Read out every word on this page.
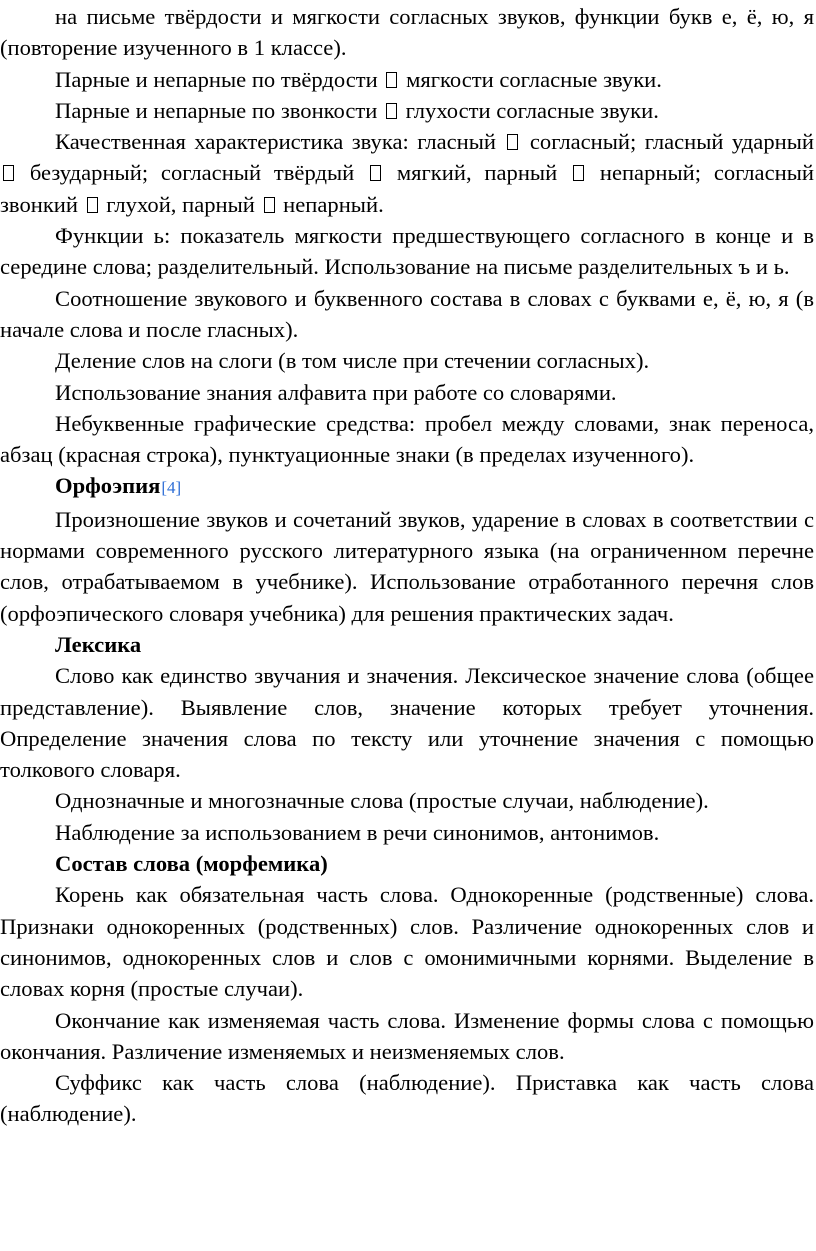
на письме твёрдости и мягкости согласных звуков, функции букв е, ё, ю, я (повторение изученного в 1 классе).

Парные и непарные по твёрдости  мягкости согласные звуки.

Парные и непарные по звонкости  глухости согласные звуки.

Качественная характеристика звука: гласный  согласный; гласный ударный  безударный; согласный твёрдый  мягкий, парный  непарный; согласный звонкий  глухой, парный  непарный.

Функции ь: показатель мягкости предшествующего согласного в конце и в середине слова; разделительный. Использование на письме разделительных ъ и ь.

Соотношение звукового и буквенного состава в словах с буквами е, ё, ю, я (в начале слова и после гласных).

Деление слов на слоги (в том числе при стечении согласных).

Использование знания алфавита при работе со словарями.

Небуквенные графические средства: пробел между словами, знак переноса, абзац (красная строка), пунктуационные знаки (в пределах изученного).

Орфоэпия[4]

Произношение звуков и сочетаний звуков, ударение в словах в соответствии с нормами современного русского литературного языка (на ограниченном перечне слов, отрабатываемом в учебнике). Использование отработанного перечня слов (орфоэпического словаря учебника) для решения практических задач.

Лексика

Слово как единство звучания и значения. Лексическое значение слова (общее представление). Выявление слов, значение которых требует уточнения. Определение значения слова по тексту или уточнение значения с помощью толкового словаря.

Однозначные и многозначные слова (простые случаи, наблюдение).

Наблюдение за использованием в речи синонимов, антонимов.

Состав слова (морфемика)

Корень как обязательная часть слова. Однокоренные (родственные) слова. Признаки однокоренных (родственных) слов. Различение однокоренных слов и синонимов, однокоренных слов и слов с омонимичными корнями. Выделение в словах корня (простые случаи).

Окончание как изменяемая часть слова. Изменение формы слова с помощью окончания. Различение изменяемых и неизменяемых слов.

Суффикс как часть слова (наблюдение). Приставка как часть слова (наблюдение).
